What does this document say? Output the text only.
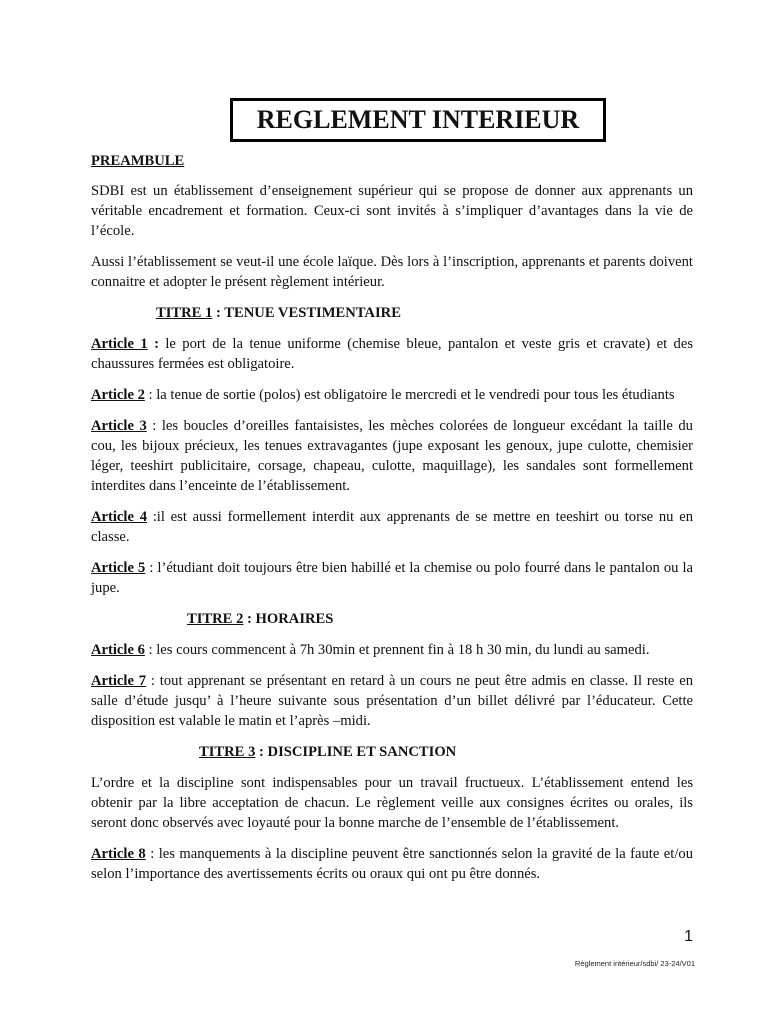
REGLEMENT INTERIEUR

PREAMBULE

SDBI est un établissement d’enseignement supérieur qui se propose de donner aux apprenants un véritable encadrement et formation. Ceux-ci sont invités à s’impliquer d’avantages dans la vie de l’école.

Aussi l’établissement se veut-il une école laïque. Dès lors à l’inscription, apprenants et parents doivent connaitre et adopter le présent règlement intérieur.

TITRE 1 : TENUE VESTIMENTAIRE

Article 1 : le port de la tenue uniforme (chemise bleue, pantalon et veste gris et cravate) et des chaussures fermées est obligatoire.

Article 2 : la tenue de sortie (polos) est obligatoire le mercredi et le vendredi pour tous les étudiants

Article 3 : les boucles d’oreilles fantaisistes, les mèches colorées de longueur excédant la taille du cou, les bijoux précieux, les tenues extravagantes (jupe exposant les genoux, jupe culotte, chemisier léger, teeshirt publicitaire, corsage, chapeau, culotte, maquillage), les sandales sont formellement interdites dans l’enceinte de l’établissement.

Article 4 :il est aussi formellement interdit aux apprenants de se mettre en teeshirt ou torse nu en classe.

Article 5 : l’étudiant doit toujours être bien habillé et la chemise ou polo fourré dans le pantalon ou la jupe.

TITRE 2 : HORAIRES

Article 6 : les cours commencent à 7h 30min et prennent fin à 18 h 30 min, du lundi au samedi.

Article 7 : tout apprenant se présentant en retard à un cours ne peut être admis en classe. Il reste en salle d’étude jusqu’ à l’heure suivante sous présentation d’un billet délivré par l’éducateur. Cette disposition est valable le matin et l’après –midi.

TITRE 3 : DISCIPLINE ET SANCTION

L’ordre et la discipline sont indispensables pour un travail fructueux. L’établissement entend les obtenir par la libre acceptation de chacun. Le règlement veille aux consignes écrites ou orales, ils seront donc observés avec loyauté pour la bonne marche de l’ensemble de l’établissement.

Article 8 : les manquements à la discipline peuvent être sanctionnés selon la gravité de la faute et/ou selon l’importance des avertissements écrits ou oraux qui ont pu être donnés.

1
Règlement intérieur/sdbi/ 23-24/V01
